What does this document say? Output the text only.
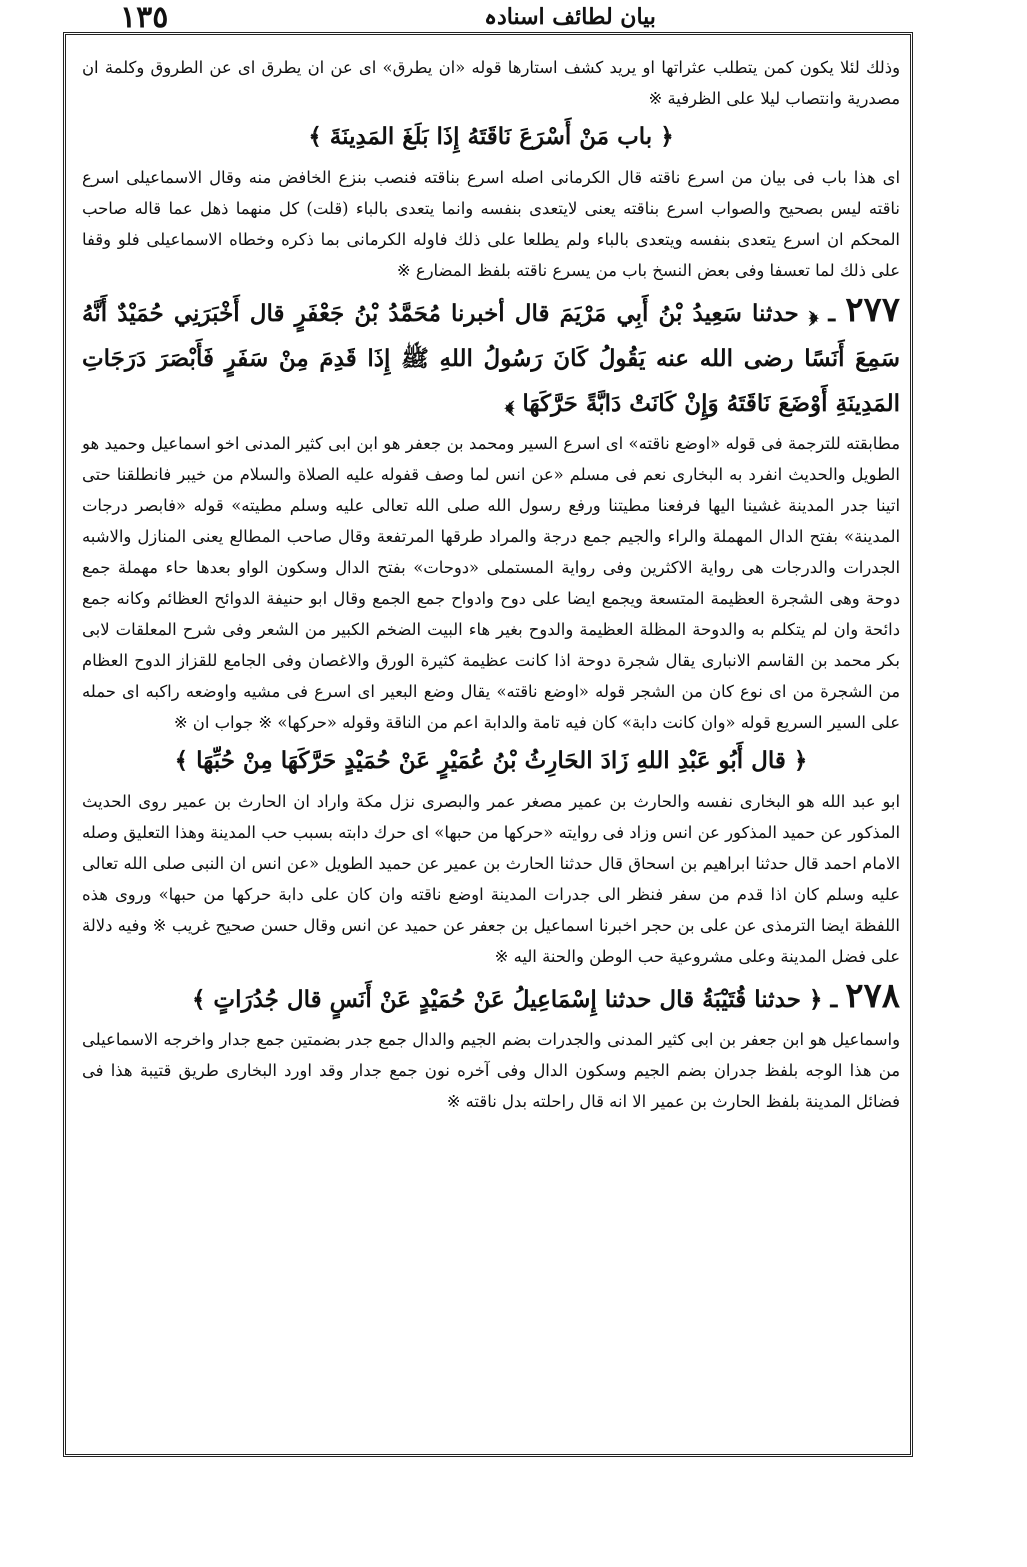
١٣٥	بیان لطائف اسنادہ

وذلك لئلا يكون كمن يتطلب عثراتها او يريد كشف استارها قوله «ان يطرق» اى عن ان يطرق اى عن الطروق وكلمة ان مصدرية وانتصاب ليلا على الظرفية ※

﴿ باب مَنْ أَسْرَعَ نَاقَتَهُ إِذَا بَلَغَ المَدِينَةَ ﴾

اى هذا باب فى بيان من اسرع ناقته قال الكرمانى اصله اسرع بناقته فنصب بنزع الخافض منه وقال الاسماعيلى اسرع ناقته ليس بصحيح والصواب اسرع بناقته يعنى لايتعدى بنفسه وانما يتعدى بالباء (قلت) كل منهما ذهل عما قاله صاحب المحكم ان اسرع يتعدى بنفسه ويتعدى بالباء ولم يطلعا على ذلك فاوله الكرمانى بما ذكره وخطاه الاسماعيلى فلو وقفا على ذلك لما تعسفا وفى بعض النسخ باب من يسرع ناقته بلفظ المضارع ※

٢٧٧ ـ ﴿ حدثنا سَعِيدُ بْنُ أَبِي مَرْيَمَ قال أخبرنا مُحَمَّدُ بْنُ جَعْفَرٍ قال أَخْبَرَنِي حُمَيْدٌ أَنَّهُ سَمِعَ أَنَسًا رضى الله عنه يَقُولُ كَانَ رَسُولُ اللهِ ﷺ إِذَا قَدِمَ مِنْ سَفَرٍ فَأَبْصَرَ دَرَجَاتِ المَدِينَةِ أَوْضَعَ نَاقَتَهُ وَإِنْ كَانَتْ دَابَّةً حَرَّكَهَا ﴾

مطابقته للترجمة فى قوله «اوضع ناقته» اى اسرع السير ومحمد بن جعفر هو ابن ابى كثير المدنى اخو اسماعيل وحميد هو الطويل والحديث انفرد به البخارى نعم فى مسلم «عن انس لما وصف قفوله عليه الصلاة والسلام من خيبر فانطلقنا حتى اتينا جدر المدينة غشينا اليها فرفعنا مطيتنا ورفع رسول الله صلى الله تعالى عليه وسلم مطيته» قوله «فابصر درجات المدينة» بفتح الدال المهملة والراء والجيم جمع درجة والمراد طرقها المرتفعة وقال صاحب المطالع يعنى المنازل والاشبه الجدرات والدرجات هى رواية الاكثرين وفى رواية المستملى «دوحات» بفتح الدال وسكون الواو بعدها حاء مهملة جمع دوحة وهى الشجرة العظيمة المتسعة ويجمع ايضا على دوح وادواح جمع الجمع وقال ابو حنيفة الدوائح العظائم وكانه جمع دائحة وان لم يتكلم به والدوحة المظلة العظيمة والدوح بغير هاء البيت الضخم الكبير من الشعر وفى شرح المعلقات لابى بكر محمد بن القاسم الانبارى يقال شجرة دوحة اذا كانت عظيمة كثيرة الورق والاغصان وفى الجامع للقزاز الدوح العظام من الشجرة من اى نوع كان من الشجر قوله «اوضع ناقته» يقال وضع البعير اى اسرع فى مشيه واوضعه راكبه اى حمله على السير السريع قوله «وان كانت دابة» كان فيه تامة والدابة اعم من الناقة وقوله «حركها» ※ جواب ان ※

﴿ قال أَبُو عَبْدِ اللهِ زَادَ الحَارِثُ بْنُ عُمَيْرٍ عَنْ حُمَيْدٍ حَرَّكَهَا مِنْ حُبِّهَا ﴾

ابو عبد الله هو البخارى نفسه والحارث بن عمير مصغر عمر والبصرى نزل مكة واراد ان الحارث بن عمير روى الحديث المذكور عن حميد المذكور عن انس وزاد فى روايته «حركها من حبها» اى حرك دابته بسبب حب المدينة وهذا التعليق وصله الامام احمد قال حدثنا ابراهيم بن اسحاق قال حدثنا الحارث بن عمير عن حميد الطويل «عن انس ان النبى صلى الله تعالى عليه وسلم كان اذا قدم من سفر فنظر الى جدرات المدينة اوضع ناقته وان كان على دابة حركها من حبها» وروى هذه اللفظة ايضا الترمذى عن على بن حجر اخبرنا اسماعيل بن جعفر عن حميد عن انس وقال حسن صحيح غريب ※ وفيه دلالة على فضل المدينة وعلى مشروعية حب الوطن والحنة اليه ※

٢٧٨ ـ ﴿ حدثنا قُتَيْبَةُ قال حدثنا إِسْمَاعِيلُ عَنْ حُمَيْدٍ عَنْ أَنَسٍ قال جُدُرَاتٍ ﴾

واسماعيل هو ابن جعفر بن ابى كثير المدنى والجدرات بضم الجيم والدال جمع جدر بضمتين جمع جدار واخرجه الاسماعيلى من هذا الوجه بلفظ جدران بضم الجيم وسكون الدال وفى آخره نون جمع جدار وقد اورد البخارى طريق قتيبة هذا فى فضائل المدينة بلفظ الحارث بن عمير الا انه قال راحلته بدل ناقته ※
